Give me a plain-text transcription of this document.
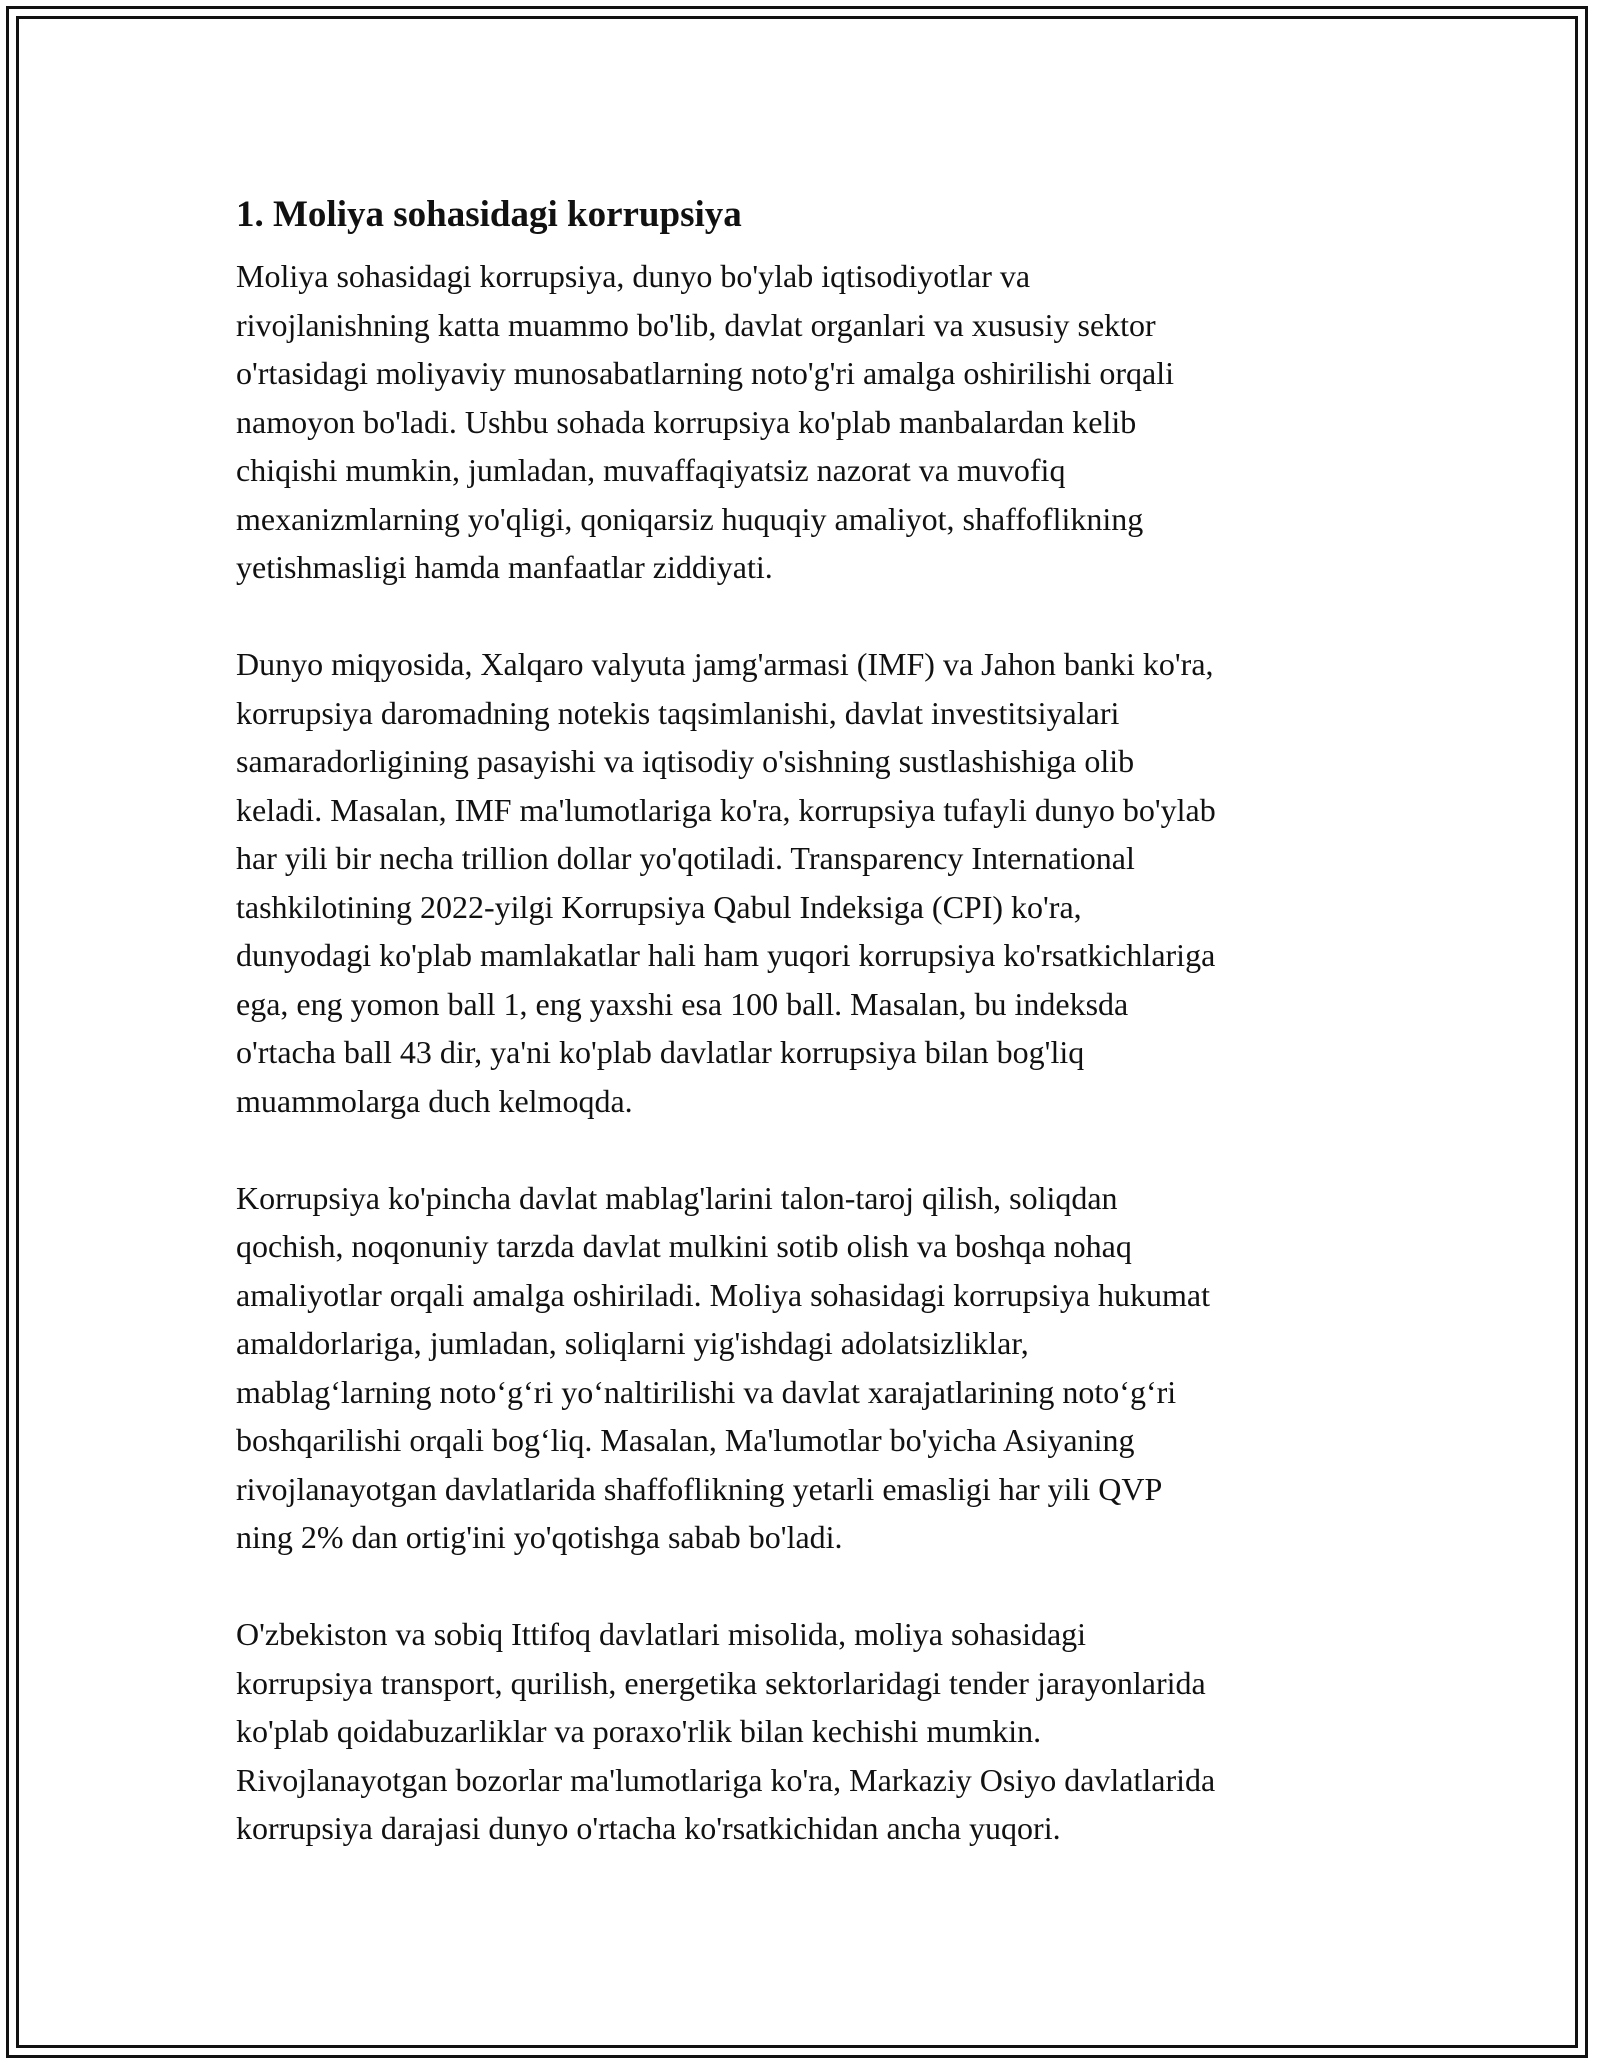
1. Moliya sohasidagi korrupsiya

Moliya sohasidagi korrupsiya, dunyo bo'ylab iqtisodiyotlar va
rivojlanishning katta muammo bo'lib, davlat organlari va xususiy sektor
o'rtasidagi moliyaviy munosabatlarning noto'g'ri amalga oshirilishi orqali
namoyon bo'ladi. Ushbu sohada korrupsiya ko'plab manbalardan kelib
chiqishi mumkin, jumladan, muvaffaqiyatsiz nazorat va muvofiq
mexanizmlarning yo'qligi, qoniqarsiz huquqiy amaliyot, shaffoflikning
yetishmasligi hamda manfaatlar ziddiyati.

Dunyo miqyosida, Xalqaro valyuta jamg'armasi (IMF) va Jahon banki ko'ra,
korrupsiya daromadning notekis taqsimlanishi, davlat investitsiyalari
samaradorligining pasayishi va iqtisodiy o'sishning sustlashishiga olib
keladi. Masalan, IMF ma'lumotlariga ko'ra, korrupsiya tufayli dunyo bo'ylab
har yili bir necha trillion dollar yo'qotiladi. Transparency International
tashkilotining 2022-yilgi Korrupsiya Qabul Indeksiga (CPI) ko'ra,
dunyodagi ko'plab mamlakatlar hali ham yuqori korrupsiya ko'rsatkichlariga
ega, eng yomon ball 1, eng yaxshi esa 100 ball. Masalan, bu indeksda
o'rtacha ball 43 dir, ya'ni ko'plab davlatlar korrupsiya bilan bog'liq
muammolarga duch kelmoqda.

Korrupsiya ko'pincha davlat mablag'larini talon-taroj qilish, soliqdan
qochish, noqonuniy tarzda davlat mulkini sotib olish va boshqa nohaq
amaliyotlar orqali amalga oshiriladi. Moliya sohasidagi korrupsiya hukumat
amaldorlariga, jumladan, soliqlarni yig'ishdagi adolatsizliklar,
mablag‘larning noto‘g‘ri yo‘naltirilishi va davlat xarajatlarining noto‘g‘ri
boshqarilishi orqali bog‘liq. Masalan, Ma'lumotlar bo'yicha Asiyaning
rivojlanayotgan davlatlarida shaffoflikning yetarli emasligi har yili QVP
ning 2% dan ortig'ini yo'qotishga sabab bo'ladi.

O'zbekiston va sobiq Ittifoq davlatlari misolida, moliya sohasidagi
korrupsiya transport, qurilish, energetika sektorlaridagi tender jarayonlarida
ko'plab qoidabuzarliklar va poraxo'rlik bilan kechishi mumkin.
Rivojlanayotgan bozorlar ma'lumotlariga ko'ra, Markaziy Osiyo davlatlarida
korrupsiya darajasi dunyo o'rtacha ko'rsatkichidan ancha yuqori.
